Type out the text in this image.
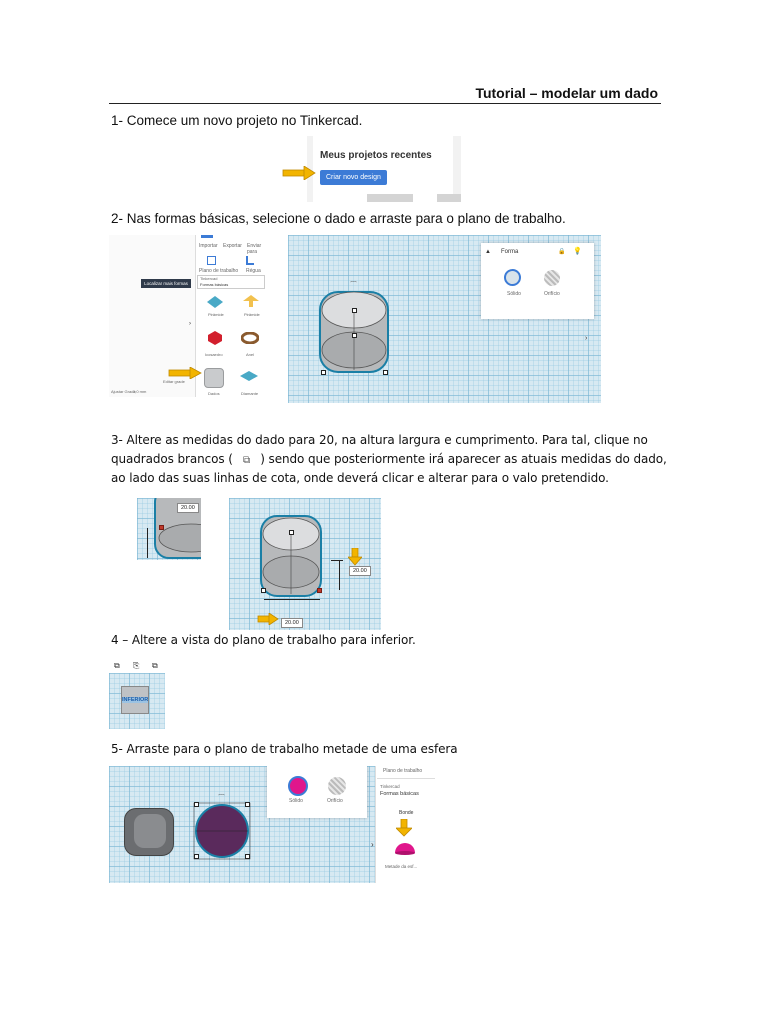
Tutorial – modelar um dado
1- Comece um novo projeto no Tinkercad.
Meus projetos recentes
Criar novo design
2- Nas formas básicas, selecione o dado e arraste para o plano de trabalho.
Importar Exportar Enviar para
Plano de trabalho Régua
Tinkercad
Formas básicas
Localizar mais formas
›
Pirâmide	Pirâmide
Icosaedro	Anel
Dados	Diamante
Ajustar Grade
1,0 mm
Editar grade
▲ Forma	🔒 💡
Sólido	Orifício
›
⌒
3- Altere as medidas do dado para 20, na altura largura e cumprimento. Para tal, clique no
quadrados brancos ( ⧉ ) sendo que posteriormente irá aparecer as atuais medidas do dado,
ao lado das suas linhas de cota, onde deverá clicar e alterar para o valo pretendido.
20.00
20.00
20.00
4 – Altere a vista do plano de trabalho para inferior.
⧉ ⎘ ⧉
INFERIOR
5- Arraste para o plano de trabalho metade de uma esfera
⌒	Sólido	Orifício
›
Plano de trabalho
Tinkercad
Formas básicas
Bonde
Metade da esf...
